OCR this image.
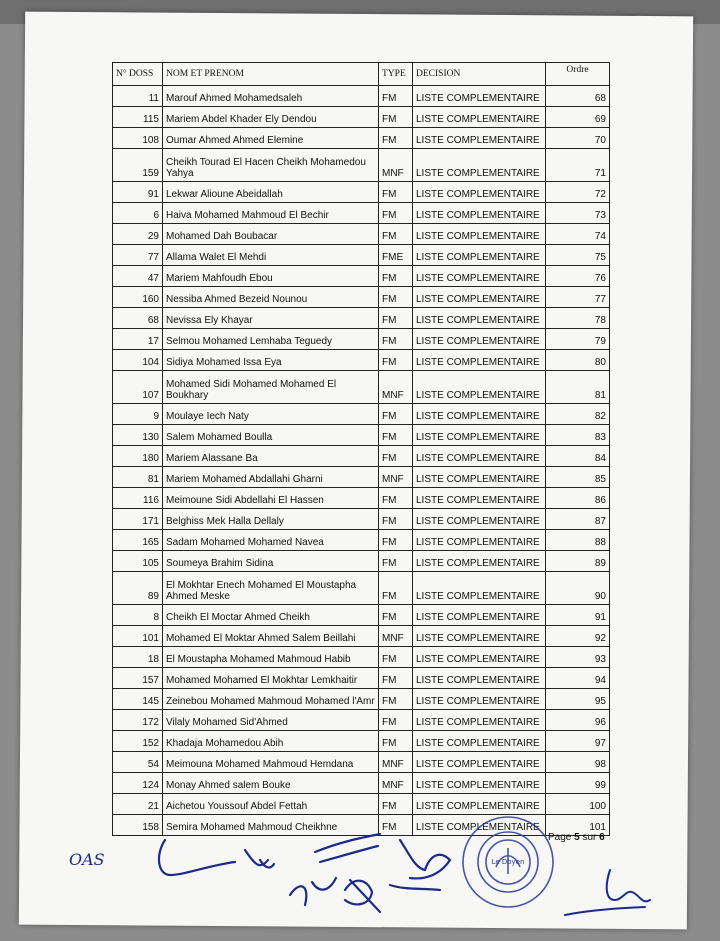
N° DOSS	NOM ET PRENOM	TYPE	DECISION	Ordre
11	Marouf Ahmed Mohamedsaleh	FM	LISTE COMPLEMENTAIRE	68
115	Mariem Abdel Khader Ely Dendou	FM	LISTE COMPLEMENTAIRE	69
108	Oumar Ahmed Ahmed Elemine	FM	LISTE COMPLEMENTAIRE	70
159	Cheikh Tourad El Hacen Cheikh Mohamedou Yahya	MNF	LISTE COMPLEMENTAIRE	71
91	Lekwar Alioune Abeidallah	FM	LISTE COMPLEMENTAIRE	72
6	Haiva Mohamed Mahmoud El Bechir	FM	LISTE COMPLEMENTAIRE	73
29	Mohamed Dah Boubacar	FM	LISTE COMPLEMENTAIRE	74
77	Allama Walet El Mehdi	FME	LISTE COMPLEMENTAIRE	75
47	Mariem Mahfoudh Ebou	FM	LISTE COMPLEMENTAIRE	76
160	Nessiba Ahmed Bezeid Nounou	FM	LISTE COMPLEMENTAIRE	77
68	Nevissa Ely Khayar	FM	LISTE COMPLEMENTAIRE	78
17	Selmou Mohamed Lemhaba Teguedy	FM	LISTE COMPLEMENTAIRE	79
104	Sidiya Mohamed Issa Eya	FM	LISTE COMPLEMENTAIRE	80
107	Mohamed Sidi Mohamed Mohamed El Boukhary	MNF	LISTE COMPLEMENTAIRE	81
9	Moulaye Iech Naty	FM	LISTE COMPLEMENTAIRE	82
130	Salem Mohamed Boulla	FM	LISTE COMPLEMENTAIRE	83
180	Mariem Alassane Ba	FM	LISTE COMPLEMENTAIRE	84
81	Mariem Mohamed Abdallahi Gharni	MNF	LISTE COMPLEMENTAIRE	85
116	Meimoune Sidi Abdellahi El Hassen	FM	LISTE COMPLEMENTAIRE	86
171	Belghiss Mek Halla Dellaly	FM	LISTE COMPLEMENTAIRE	87
165	Sadam Mohamed Mohamed Navea	FM	LISTE COMPLEMENTAIRE	88
105	Soumeya Brahim Sidina	FM	LISTE COMPLEMENTAIRE	89
89	El Mokhtar Enech Mohamed El Moustapha Ahmed Meske	FM	LISTE COMPLEMENTAIRE	90
8	Cheikh El Moctar Ahmed Cheikh	FM	LISTE COMPLEMENTAIRE	91
101	Mohamed El Moktar Ahmed Salem Beillahi	MNF	LISTE COMPLEMENTAIRE	92
18	El Moustapha Mohamed Mahmoud Habib	FM	LISTE COMPLEMENTAIRE	93
157	Mohamed Mohamed El Mokhtar Lemkhaitir	FM	LISTE COMPLEMENTAIRE	94
145	Zeinebou Mohamed Mahmoud Mohamed l'Amr	FM	LISTE COMPLEMENTAIRE	95
172	Vilaly Mohamed Sid'Ahmed	FM	LISTE COMPLEMENTAIRE	96
152	Khadaja Mohamedou Abih	FM	LISTE COMPLEMENTAIRE	97
54	Meimouna Mohamed Mahmoud Hemdana	MNF	LISTE COMPLEMENTAIRE	98
124	Monay Ahmed salem Bouke	MNF	LISTE COMPLEMENTAIRE	99
21	Aichetou Youssouf Abdel Fettah	FM	LISTE COMPLEMENTAIRE	100
158	Semira Mohamed Mahmoud Cheikhne	FM	LISTE COMPLEMENTAIRE	101
Page 5 sur 6
OAS	Le Doyen
